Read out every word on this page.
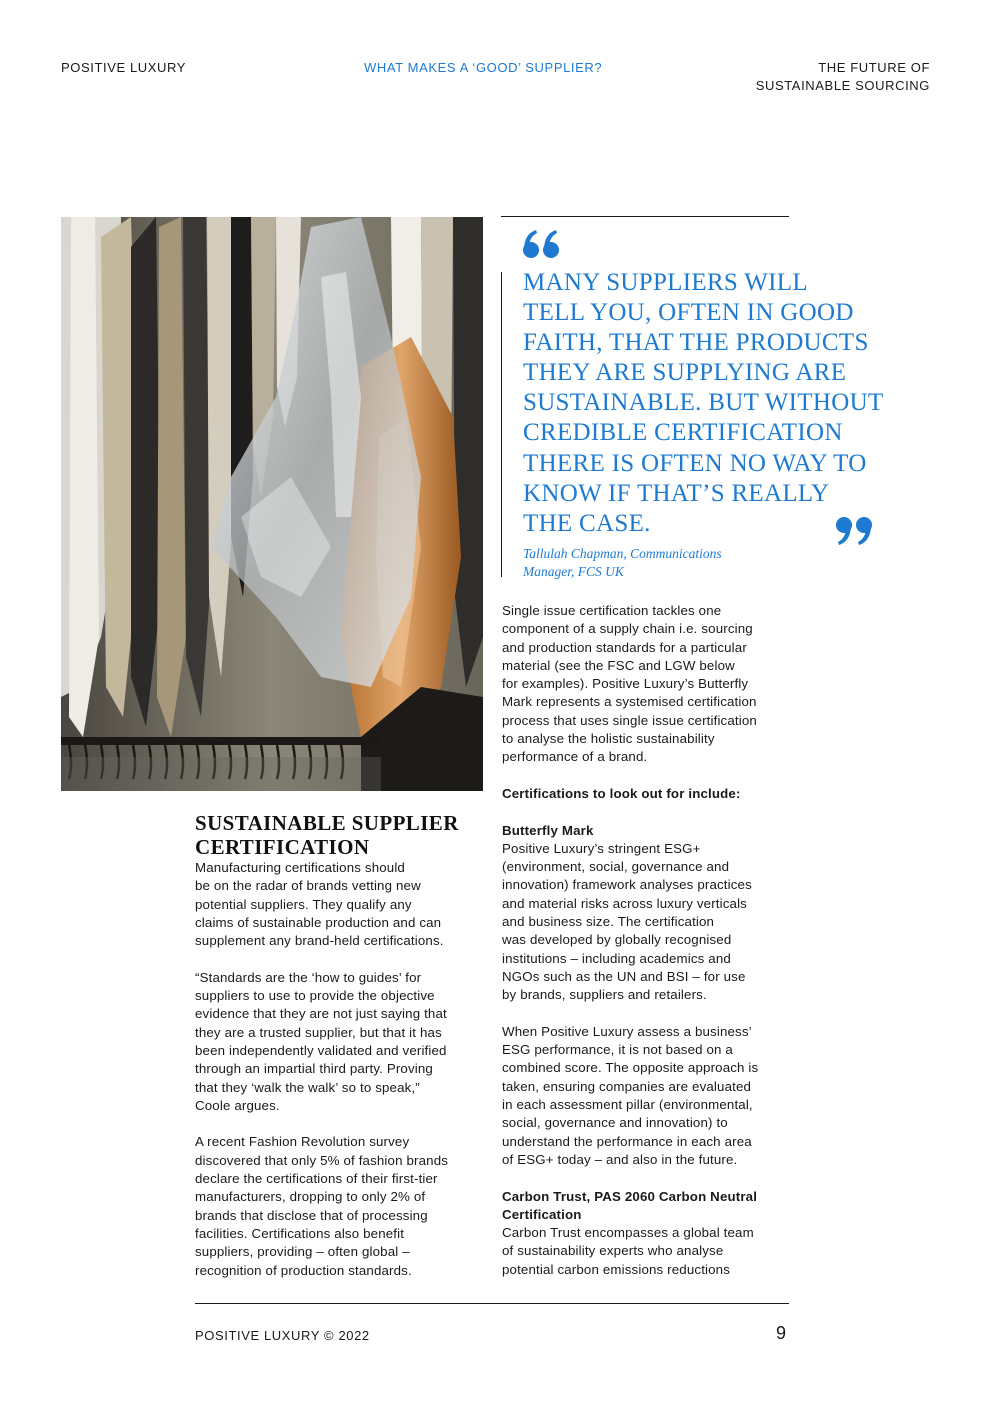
POSITIVE LUXURY	WHAT MAKES A ‘GOOD’ SUPPLIER?	THE FUTURE OF
SUSTAINABLE SOURCING

MANY SUPPLIERS WILL
TELL YOU, OFTEN IN GOOD
FAITH, THAT THE PRODUCTS
THEY ARE SUPPLYING ARE
SUSTAINABLE. BUT WITHOUT
CREDIBLE CERTIFICATION
THERE IS OFTEN NO WAY TO
KNOW IF THAT’S REALLY
THE CASE.

Tallulah Chapman, Communications
Manager, FCS UK

SUSTAINABLE SUPPLIER
CERTIFICATION

Manufacturing certifications should
be on the radar of brands vetting new
potential suppliers. They qualify any
claims of sustainable production and can
supplement any brand-held certifications.

“Standards are the ‘how to guides’ for
suppliers to use to provide the objective
evidence that they are not just saying that
they are a trusted supplier, but that it has
been independently validated and verified
through an impartial third party. Proving
that they ‘walk the walk’ so to speak,”
Coole argues.

A recent Fashion Revolution survey
discovered that only 5% of fashion brands
declare the certifications of their first-tier
manufacturers, dropping to only 2% of
brands that disclose that of processing
facilities. Certifications also benefit
suppliers, providing – often global –
recognition of production standards.

Single issue certification tackles one
component of a supply chain i.e. sourcing
and production standards for a particular
material (see the FSC and LGW below
for examples). Positive Luxury’s Butterfly
Mark represents a systemised certification
process that uses single issue certification
to analyse the holistic sustainability
performance of a brand.

Certifications to look out for include:

Butterfly Mark

Positive Luxury’s stringent ESG+
(environment, social, governance and
innovation) framework analyses practices
and material risks across luxury verticals
and business size. The certification
was developed by globally recognised
institutions – including academics and
NGOs such as the UN and BSI – for use
by brands, suppliers and retailers.

When Positive Luxury assess a business’
ESG performance, it is not based on a
combined score. The opposite approach is
taken, ensuring companies are evaluated
in each assessment pillar (environmental,
social, governance and innovation) to
understand the performance in each area
of ESG+ today – and also in the future.

Carbon Trust, PAS 2060 Carbon Neutral
Certification

Carbon Trust encompasses a global team
of sustainability experts who analyse
potential carbon emissions reductions

POSITIVE LUXURY © 2022	9
